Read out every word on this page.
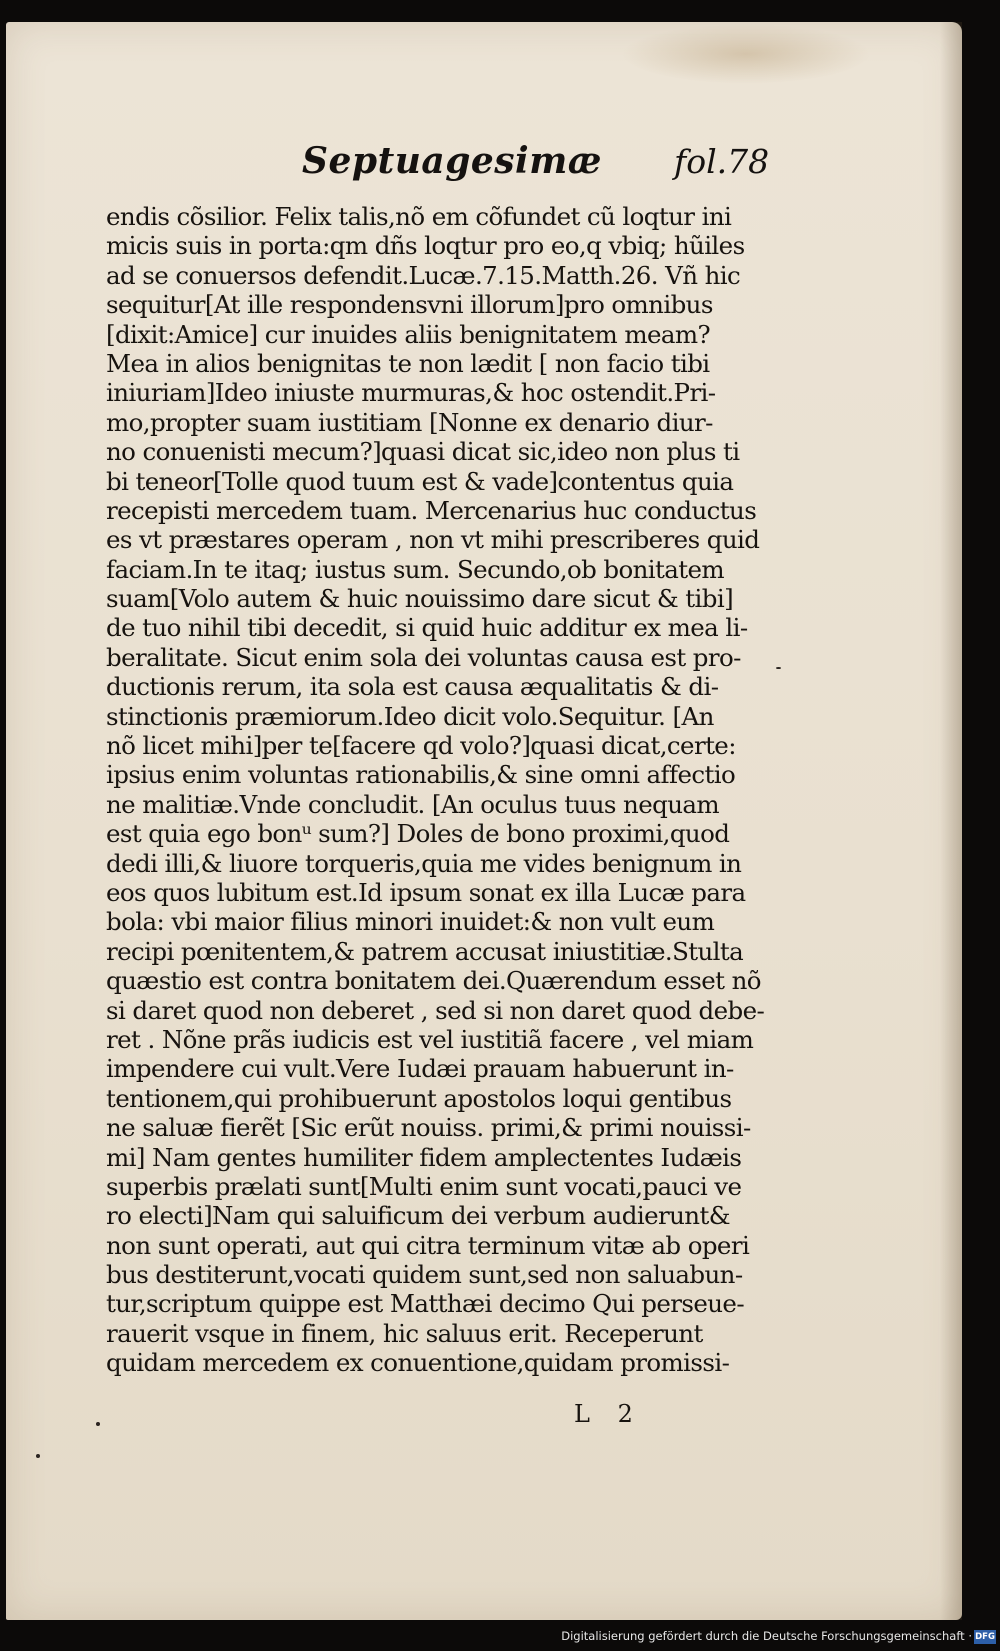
Septuagesimæ fol.78
endis cõsilior. Felix talis,nõ em cõfundet cũ loqtur ini
micis suis in porta:qm dñs loqtur pro eo,q vbiq; hũiles
ad se conuersos defendit.Lucæ.7.15.Matth.26. Vñ hic
sequitur[At ille respondensvni illorum]pro omnibus
[dixit:Amice] cur inuides aliis benignitatem meam?
Mea in alios benignitas te non lædit [ non facio tibi
iniuriam]Ideo iniuste murmuras,& hoc ostendit.Pri-
mo,propter suam iustitiam [Nonne ex denario diur-
no conuenisti mecum?]quasi dicat sic,ideo non plus ti
bi teneor[Tolle quod tuum est & vade]contentus quia
recepisti mercedem tuam. Mercenarius huc conductus
es vt præstares operam , non vt mihi prescriberes quid
faciam.In te itaq; iustus sum. Secundo,ob bonitatem
suam[Volo autem & huic nouissimo dare sicut & tibi]
de tuo nihil tibi decedit, si quid huic additur ex mea li-
beralitate. Sicut enim sola dei voluntas causa est pro-
ductionis rerum, ita sola est causa æqualitatis & di-
stinctionis præmiorum.Ideo dicit volo.Sequitur. [An
nõ licet mihi]per te[facere qd volo?]quasi dicat,certe:
ipsius enim voluntas rationabilis,& sine omni affectio
ne malitiæ.Vnde concludit. [An oculus tuus nequam
est quia ego bonᵘ sum?] Doles de bono proximi,quod
dedi illi,& liuore torqueris,quia me vides benignum in
eos quos lubitum est.Id ipsum sonat ex illa Lucæ para
bola: vbi maior filius minori inuidet:& non vult eum
recipi pœnitentem,& patrem accusat iniustitiæ.Stulta
quæstio est contra bonitatem dei.Quærendum esset nõ
si daret quod non deberet , sed si non daret quod debe-
ret . Nõne prãs iudicis est vel iustitiã facere , vel miam
impendere cui vult.Vere Iudæi prauam habuerunt in-
tentionem,qui prohibuerunt apostolos loqui gentibus
ne saluæ fierẽt [Sic erũt nouiss. primi,& primi nouissi-
mi] Nam gentes humiliter fidem amplectentes Iudæis
superbis prælati sunt[Multi enim sunt vocati,pauci ve
ro electi]Nam qui saluificum dei verbum audierunt&
non sunt operati, aut qui citra terminum vitæ ab operi
bus destiterunt,vocati quidem sunt,sed non saluabun-
tur,scriptum quippe est Matthæi decimo Qui perseue-
rauerit vsque in finem, hic saluus erit. Receperunt
quidam mercedem ex conuentione,quidam promissi-
L 2
Digitalisierung gefördert durch die Deutsche Forschungsgemeinschaft · DFG
